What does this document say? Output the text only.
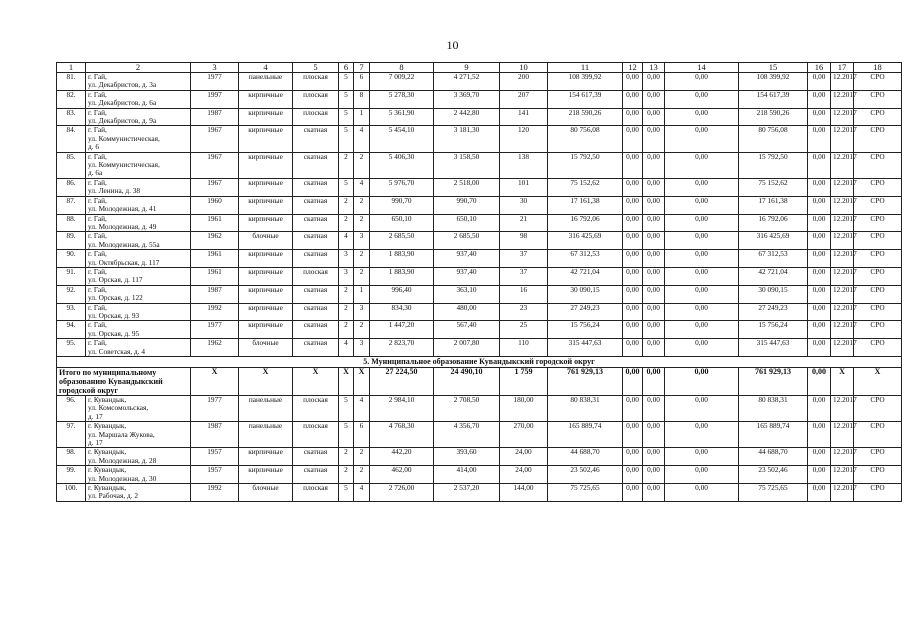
10
1	2	3	4	5	6	7	8	9	10	11	12	13	14	15	16	17	18
81.	г. Гай,
ул. Декабристов, д. 3а	1977	панельные	плоская	5	6	7 009,22	4 271,52	200	108 399,92	0,00	0,00	0,00	108 399,92	0,00	12.2017	СРО
82.	г. Гай,
ул. Декабристов, д. 6а	1997	кирпичные	плоская	5	8	5 278,30	3 369,70	207	154 617,39	0,00	0,00	0,00	154 617,39	0,00	12.2017	СРО
83.	г. Гай,
ул. Декабристов, д. 9а	1987	кирпичные	плоская	5	1	5 361,90	2 442,80	141	218 590,26	0,00	0,00	0,00	218 590,26	0,00	12.2017	СРО
84.	г. Гай,
ул. Коммунистическая,
д. 6	1967	кирпичные	скатная	5	4	5 454,10	3 181,30	120	80 756,08	0,00	0,00	0,00	80 756,08	0,00	12.2017	СРО
85.	г. Гай,
ул. Коммунистическая,
д. 6а	1967	кирпичные	скатная	2	2	5 406,30	3 158,50	138	15 792,50	0,00	0,00	0,00	15 792,50	0,00	12.2017	СРО
86.	г. Гай,
ул. Ленина, д. 38	1967	кирпичные	скатная	5	4	5 976,70	2 518,00	101	75 152,62	0,00	0,00	0,00	75 152,62	0,00	12.2017	СРО
87.	г. Гай,
ул. Молодежная, д. 41	1960	кирпичные	скатная	2	2	990,70	990,70	30	17 161,38	0,00	0,00	0,00	17 161,38	0,00	12.2017	СРО
88.	г. Гай,
ул. Молодежная, д. 49	1961	кирпичные	скатная	2	2	650,10	650,10	21	16 792,06	0,00	0,00	0,00	16 792,06	0,00	12.2017	СРО
89.	г. Гай,
ул. Молодежная, д. 55а	1962	блочные	скатная	4	3	2 685,50	2 685,50	98	316 425,69	0,00	0,00	0,00	316 425,69	0,00	12.2017	СРО
90.	г. Гай,
ул. Октябрьская, д. 117	1961	кирпичные	скатная	3	2	1 883,90	937,40	37	67 312,53	0,00	0,00	0,00	67 312,53	0,00	12.2017	СРО
91.	г. Гай,
ул. Орская, д. 117	1961	кирпичные	плоская	3	2	1 883,90	937,40	37	42 721,04	0,00	0,00	0,00	42 721,04	0,00	12.2017	СРО
92.	г. Гай,
ул. Орская, д. 122	1987	кирпичные	скатная	2	1	996,40	363,10	16	30 090,15	0,00	0,00	0,00	30 090,15	0,00	12.2017	СРО
93.	г. Гай,
ул. Орская, д. 93	1992	кирпичные	скатная	2	3	834,30	480,00	23	27 249,23	0,00	0,00	0,00	27 249,23	0,00	12.2017	СРО
94.	г. Гай,
ул. Орская, д. 95	1977	кирпичные	скатная	2	2	1 447,20	567,40	25	15 756,24	0,00	0,00	0,00	15 756,24	0,00	12.2017	СРО
95.	г. Гай,
ул. Советская, д. 4	1962	блочные	скатная	4	3	2 823,70	2 007,80	110	315 447,63	0,00	0,00	0,00	315 447,63	0,00	12.2017	СРО
5. Муниципальное образование Кувандыкский городской округ																	
Итого по муниципальному образованию Кувандыкский городской округ		X	X	X	X	X	27 224,50	24 490,10	1 759	761 929,13	0,00	0,00	0,00	761 929,13	0,00	X	X
96.	г. Кувандык,
ул. Комсомольская,
д. 17	1977	панельные	плоская	5	4	2 984,10	2 708,50	180,00	80 838,31	0,00	0,00	0,00	80 838,31	0,00	12.2017	СРО
97.	г. Кувандык,
ул. Маршала Жукова,
д. 17	1987	панельные	плоская	5	6	4 768,30	4 356,70	270,00	165 889,74	0,00	0,00	0,00	165 889,74	0,00	12.2017	СРО
98.	г. Кувандык,
ул. Молодежная, д. 28	1957	кирпичные	скатная	2	2	442,20	393,60	24,00	44 688,70	0,00	0,00	0,00	44 688,70	0,00	12.2017	СРО
99.	г. Кувандык,
ул. Молодежная, д. 30	1957	кирпичные	скатная	2	2	462,00	414,00	24,00	23 502,46	0,00	0,00	0,00	23 502,46	0,00	12.2017	СРО
100.	г. Кувандык,
ул. Рабочая, д. 2	1992	блочные	плоская	5	4	2 726,00	2 537,20	144,00	75 725,65	0,00	0,00	0,00	75 725,65	0,00	12.2017	СРО
